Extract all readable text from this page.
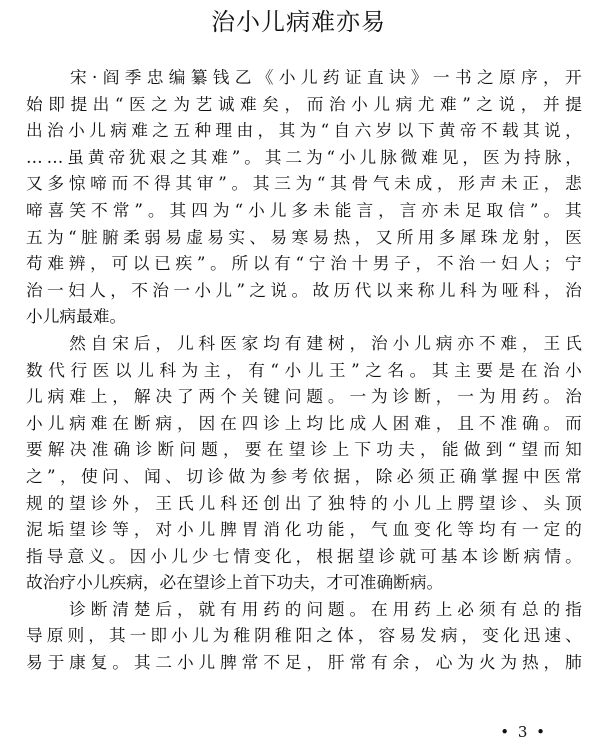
治小儿病难亦易

宋 · 阎 季 忠 编 纂 钱 乙 《 小 儿 药 证 直 诀 》 一 书 之 原 序 ， 开
始 即 提 出 “ 医 之 为 艺 诚 难 矣 ， 而 治 小 儿 病 尤 难 ” 之 说 ， 并 提
出 治 小 儿 病 难 之 五 种 理 由 ， 其 为 “ 自 六 岁 以 下 黄 帝 不 载 其 说 ，
… … 虽 黄 帝 犹 艰 之 其 难 ” 。 其 二 为 “ 小 儿 脉 微 难 见 ， 医 为 持 脉 ，
又 多 惊 啼 而 不 得 其 审 ” 。 其 三 为 “ 其 骨 气 未 成 ， 形 声 未 正 ， 悲
啼 喜 笑 不 常 ” 。 其 四 为 “ 小 儿 多 未 能 言 ， 言 亦 未 足 取 信 ” 。 其
五 为 “ 脏 腑 柔 弱 易 虚 易 实 、 易 寒 易 热 ， 又 所 用 多 犀 珠 龙 射 ， 医
苟 难 辨 ， 可 以 已 疾 ” 。 所 以 有 “ 宁 治 十 男 子 ， 不 治 一 妇 人 ； 宁
治 一 妇 人 ， 不 治 一 小 儿 ” 之 说 。 故 历 代 以 来 称 儿 科 为 哑 科 ， 治
小 儿 病 最 难 。

然 自 宋 后 ， 儿 科 医 家 均 有 建 树 ， 治 小 儿 病 亦 不 难 ， 王 氏
数 代 行 医 以 儿 科 为 主 ， 有 “ 小 儿 王 ” 之 名 。 其 主 要 是 在 治 小
儿 病 难 上 ， 解 决 了 两 个 关 键 问 题 。 一 为 诊 断 ， 一 为 用 药 。 治
小 儿 病 难 在 断 病 ， 因 在 四 诊 上 均 比 成 人 困 难 ， 且 不 准 确 。 而
要 解 决 准 确 诊 断 问 题 ， 要 在 望 诊 上 下 功 夫 ， 能 做 到 “ 望 而 知
之 ” ， 使 问 、 闻 、 切 诊 做 为 参 考 依 据 ， 除 必 须 正 确 掌 握 中 医 常
规 的 望 诊 外 ， 王 氏 儿 科 还 创 出 了 独 特 的 小 儿 上 腭 望 诊 、 头 顶
泥 垢 望 诊 等 ， 对 小 儿 脾 胃 消 化 功 能 ， 气 血 变 化 等 均 有 一 定 的
指 导 意 义 。 因 小 儿 少 七 情 变 化 ， 根 据 望 诊 就 可 基 本 诊 断 病 情 。
故 治 疗 小 儿 疾 病 ， 必 在 望 诊 上 首 下 功 夫 ， 才 可 准 确 断 病 。

诊 断 清 楚 后 ， 就 有 用 药 的 问 题 。 在 用 药 上 必 须 有 总 的 指
导 原 则 ， 其 一 即 小 儿 为 稚 阴 稚 阳 之 体 ， 容 易 发 病 ， 变 化 迅 速 、
易 于 康 复 。 其 二 小 儿 脾 常 不 足 ， 肝 常 有 余 ， 心 为 火 为 热 ， 肺
• 3 •
